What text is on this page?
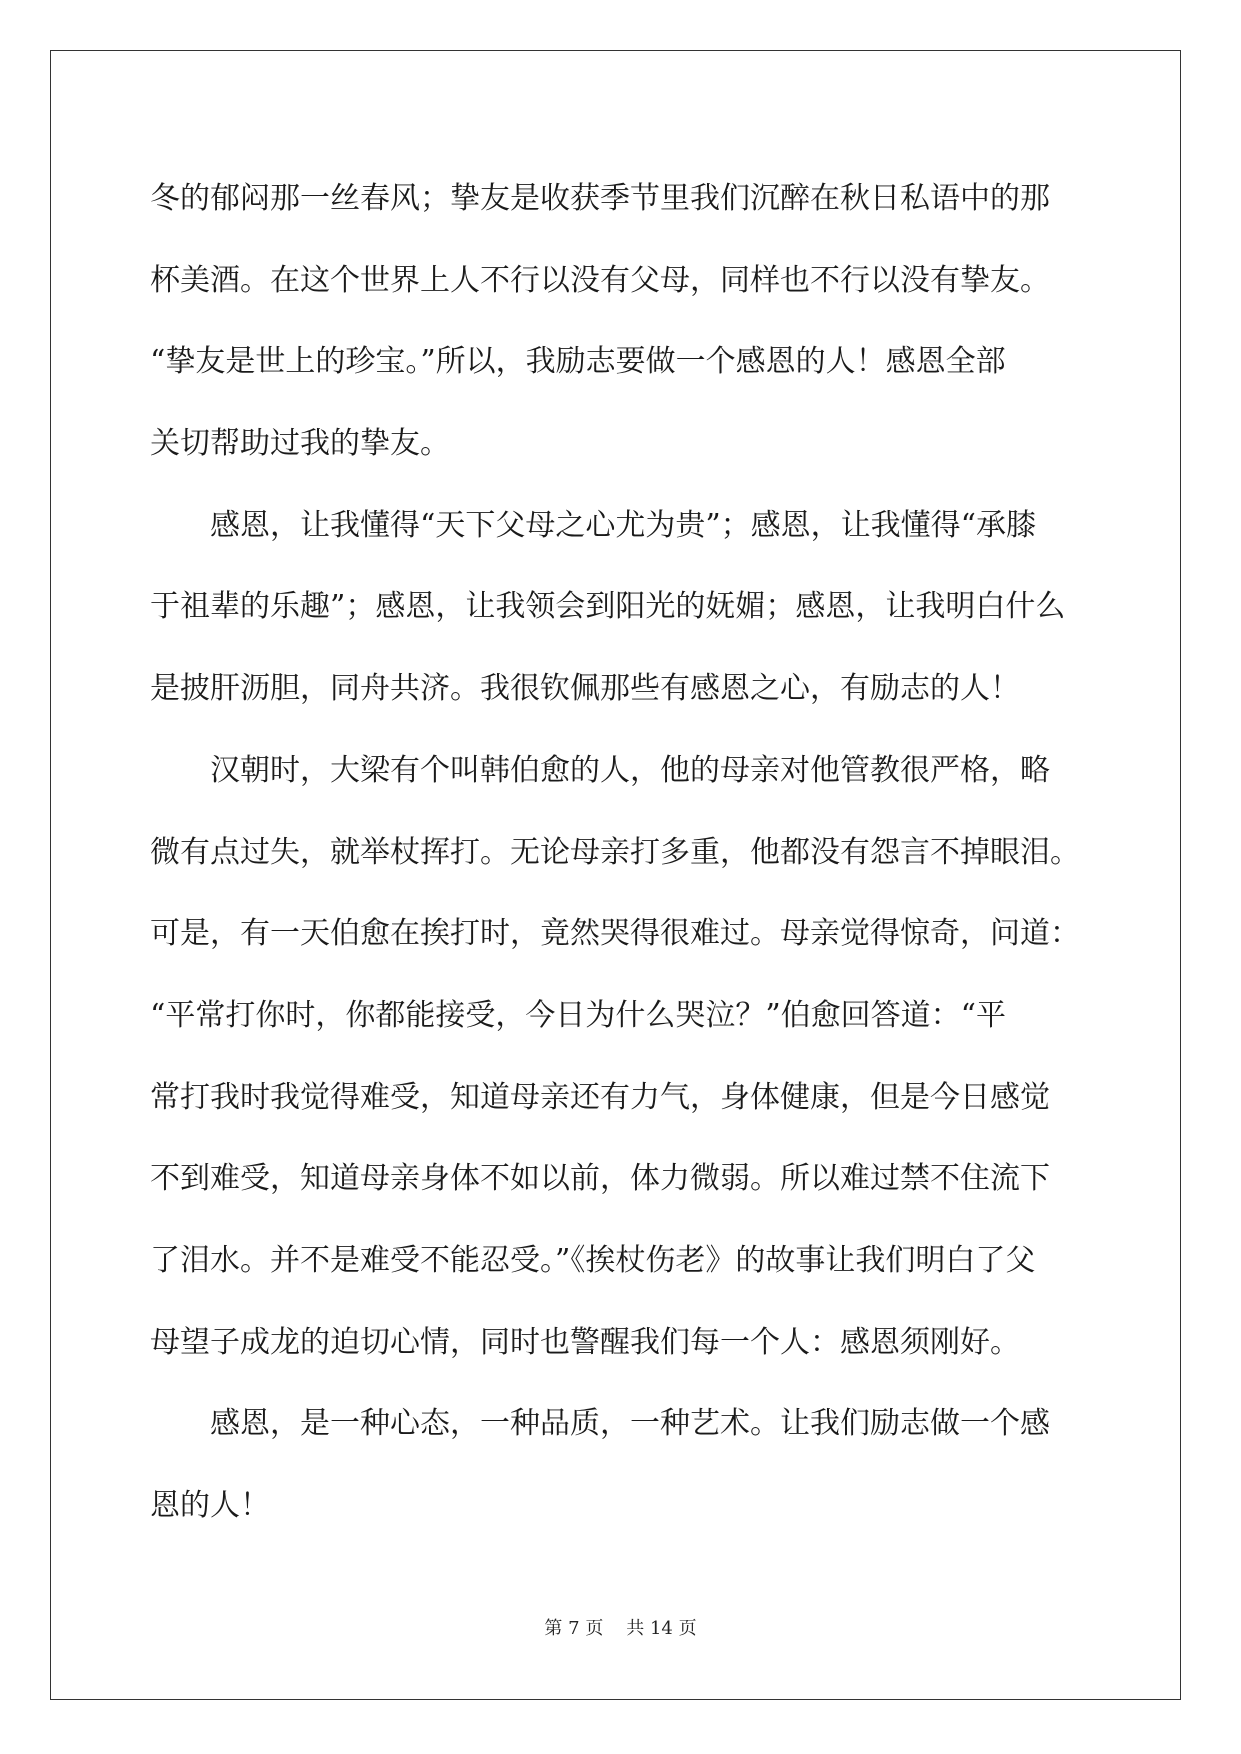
冬的郁闷那一丝春风；挚友是收获季节里我们沉醉在秋日私语中的那
杯美酒。在这个世界上人不行以没有父母，同样也不行以没有挚友。
“挚友是世上的珍宝。”所以，我励志要做一个感恩的人！感恩全部
关切帮助过我的挚友。
　　感恩，让我懂得“天下父母之心尤为贵”；感恩，让我懂得“承膝
于祖辈的乐趣”；感恩，让我领会到阳光的妩媚；感恩，让我明白什么
是披肝沥胆，同舟共济。我很钦佩那些有感恩之心，有励志的人！
　　汉朝时，大梁有个叫韩伯愈的人，他的母亲对他管教很严格，略
微有点过失，就举杖挥打。无论母亲打多重，他都没有怨言不掉眼泪。
可是，有一天伯愈在挨打时，竟然哭得很难过。母亲觉得惊奇，问道：
“平常打你时，你都能接受，今日为什么哭泣？”伯愈回答道：“平
常打我时我觉得难受，知道母亲还有力气，身体健康，但是今日感觉
不到难受，知道母亲身体不如以前，体力微弱。所以难过禁不住流下
了泪水。并不是难受不能忍受。”《挨杖伤老》的故事让我们明白了父
母望子成龙的迫切心情，同时也警醒我们每一个人：感恩须刚好。
　　感恩，是一种心态，一种品质，一种艺术。让我们励志做一个感
恩的人！
第 7 页 共 14 页
